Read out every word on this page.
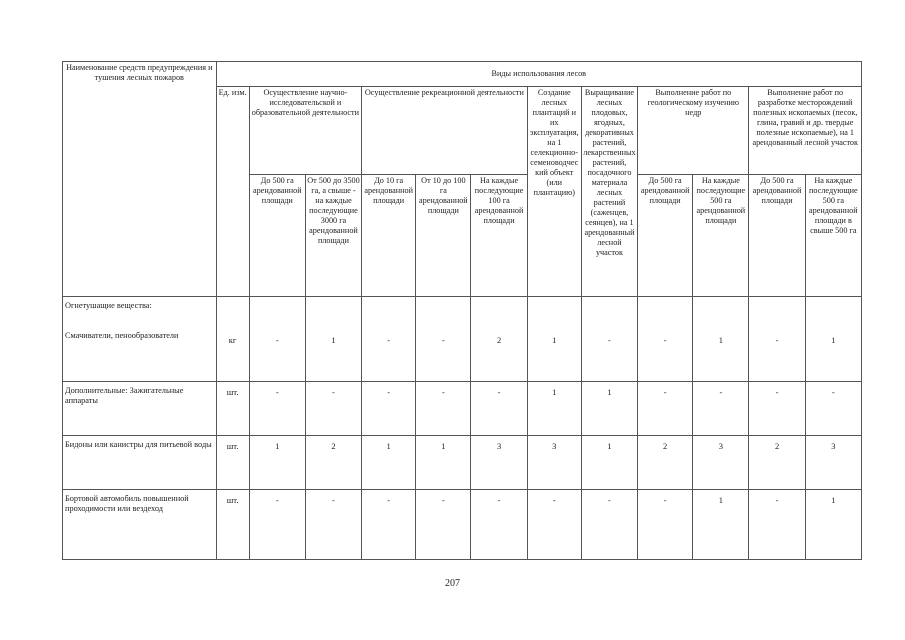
Наименование средств предупреждения и тушения лесных пожаров	Виды использования лесов											
	Ед. изм.	Осуществление научно-исследовательской и образовательной деятельности		Осуществление рекреационной деятельности			Создание лесных плантаций и их эксплуатация, на 1 селекционно-семеноводческий объект (или плантацию)	Выращивание лесных плодовых, ягодных, декоративных растений, лекарственных растений, посадочного материала лесных растений (саженцев, сеянцев), на 1 арендованный лесной участок	Выполнение работ по геологическому изучению недр		Выполнение работ по разработке месторождений полезных ископаемых (песок, глина, гравий и др. твердые полезные ископаемые), на 1 арендованный лесной участок	
		До 500 га арендованной площади	От 500 до 3500 га, а свыше - на каждые последующие 3000 га арендованной площади	До 10 га арендованной площади	От 10 до 100 га арендованной площади	На каждые последующие 100 га арендованной площади			До 500 га арендованной площади	На каждые последующие 500 га арендованной площади	До 500 га арендованной площади	На каждые последующие 500 га арендованной площади в свыше 500 га

Огнетушащие вещества:
Смачиватели, пенообразователи	кг	-	1	-	-	2	1	-	-	1	-	1

Дополнительные: Зажигательные аппараты	шт.	-	-	-	-	-	1	1	-	-	-	-

Бидоны или канистры для питьевой воды	шт.	1	2	1	1	3	3	1	2	3	2	3

Бортовой автомобиль повышенной проходимости или вездеход	шт.	-	-	-	-	-	-	-	-	1	-	1
207
